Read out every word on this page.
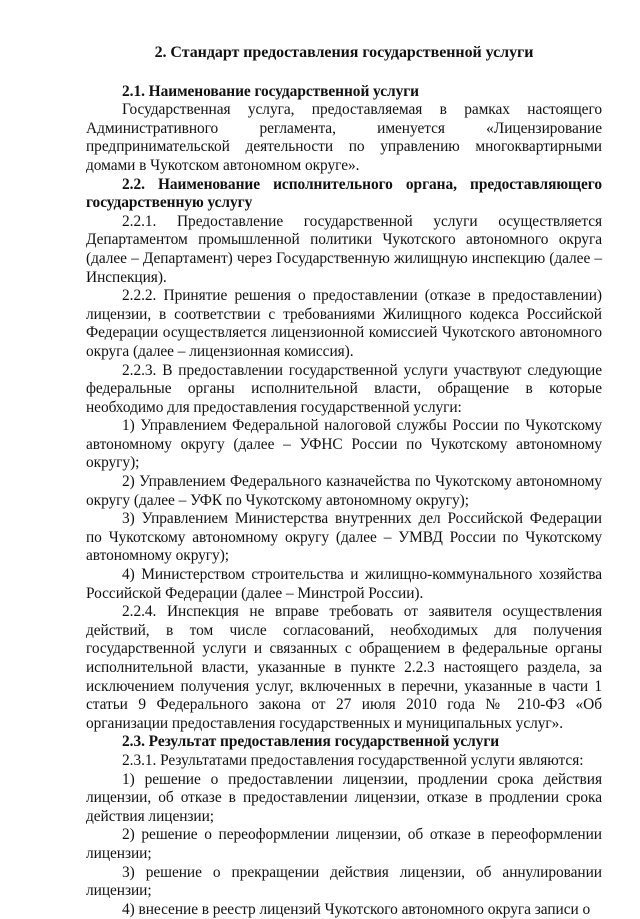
2. Стандарт предоставления государственной услуги

2.1. Наименование государственной услуги

Государственная услуга, предоставляемая в рамках настоящего Административного регламента, именуется «Лицензирование предпринимательской деятельности по управлению многоквартирными домами в Чукотском автономном округе».

2.2. Наименование исполнительного органа, предоставляющего государственную услугу

2.2.1. Предоставление государственной услуги осуществляется Департаментом промышленной политики Чукотского автономного округа (далее – Департамент) через Государственную жилищную инспекцию (далее – Инспекция).

2.2.2. Принятие решения о предоставлении (отказе в предоставлении) лицензии, в соответствии с требованиями Жилищного кодекса Российской Федерации осуществляется лицензионной комиссией Чукотского автономного округа (далее – лицензионная комиссия).

2.2.3. В предоставлении государственной услуги участвуют следующие федеральные органы исполнительной власти, обращение в которые необходимо для предоставления государственной услуги:

1) Управлением Федеральной налоговой службы России по Чукотскому автономному округу (далее – УФНС России по Чукотскому автономному округу);

2) Управлением Федерального казначейства по Чукотскому автономному округу (далее – УФК по Чукотскому автономному округу);

3) Управлением Министерства внутренних дел Российской Федерации по Чукотскому автономному округу (далее – УМВД России по Чукотскому автономному округу);

4) Министерством строительства и жилищно-коммунального хозяйства Российской Федерации (далее – Минстрой России).

2.2.4. Инспекция не вправе требовать от заявителя осуществления действий, в том числе согласований, необходимых для получения государственной услуги и связанных с обращением в федеральные органы исполнительной власти, указанные в пункте 2.2.3 настоящего раздела, за исключением получения услуг, включенных в перечни, указанные в части 1 статьи 9 Федерального закона от 27 июля 2010 года № 210-ФЗ «Об организации предоставления государственных и муниципальных услуг».

2.3. Результат предоставления государственной услуги

2.3.1. Результатами предоставления государственной услуги являются:

1) решение о предоставлении лицензии, продлении срока действия лицензии, об отказе в предоставлении лицензии, отказе в продлении срока действия лицензии;

2) решение о переоформлении лицензии, об отказе в переоформлении лицензии;

3) решение о прекращении действия лицензии, об аннулировании лицензии;

4) внесение в реестр лицензий Чукотского автономного округа записи о
